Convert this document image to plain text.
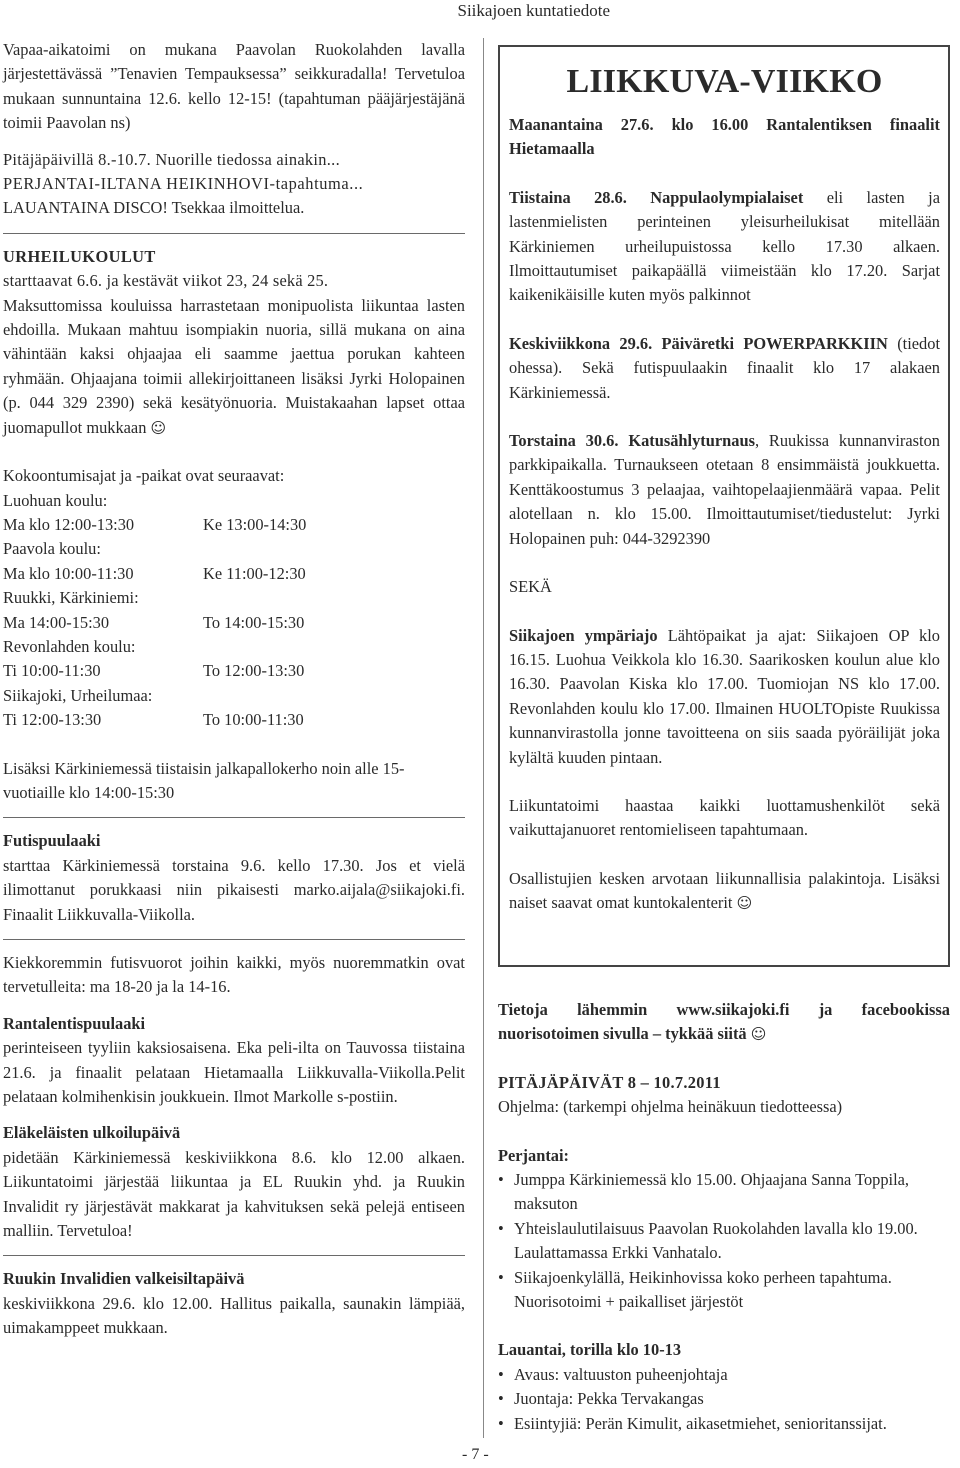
Siikajoen kuntatiedote

Vapaa-aikatoimi on mukana Paavolan Ruokolahden lavalla järjestettävässä ”Tenavien Tempauksessa” seikkuradalla! Tervetuloa mukaan sunnuntaina 12.6. kello 12-15! (tapahtuman pääjärjestäjänä toimii Paavolan ns)

Pitäjäpäivillä 8.-10.7. Nuorille tiedossa ainakin...

PERJANTAI-ILTANA HEIKINHOVI-tapahtuma...

LAUANTAINA DISCO! Tsekkaa ilmoittelua.

URHEILUKOULUT

starttaavat 6.6. ja kestävät viikot 23, 24 sekä 25.

Maksuttomissa kouluissa harrastetaan monipuolista liikuntaa lasten ehdoilla. Mukaan mahtuu isompiakin nuoria, sillä mukana on aina vähintään kaksi ohjaajaa eli saamme jaettua porukan kahteen ryhmään. Ohjaajana toimii allekirjoittaneen lisäksi Jyrki Holopainen (p. 044 329 2390) sekä kesätyönuoria. Muistakaahan lapset ottaa juomapullot mukkaan ☺

Kokoontumisajat ja -paikat ovat seuraavat:

Luohuan koulu:

Ma klo 12:00-13:30	Ke 13:00-14:30

Paavola koulu:

Ma klo 10:00-11:30	Ke 11:00-12:30

Ruukki, Kärkiniemi:

Ma 14:00-15:30	To 14:00-15:30

Revonlahden koulu:

Ti 10:00-11:30	To 12:00-13:30

Siikajoki, Urheilumaa:

Ti 12:00-13:30	To 10:00-11:30

Lisäksi Kärkiniemessä tiistaisin jalkapallokerho noin alle 15-vuotiaille klo 14:00-15:30

Futispuulaaki

starttaa Kärkiniemessä torstaina 9.6. kello 17.30. Jos et vielä ilimottanut porukkaasi niin pikaisesti marko.aijala@siikajoki.fi. Finaalit Liikkuvalla-Viikolla.

Kiekkoremmin futisvuorot joihin kaikki, myös nuoremmatkin ovat tervetulleita: ma 18-20 ja la 14-16.

Rantalentispuulaaki

perinteiseen tyyliin kaksiosaisena. Eka peli-ilta on Tauvossa tiistaina 21.6. ja finaalit pelataan Hietamaalla Liikkuvalla-Viikolla.Pelit pelataan kolmihenkisin joukkuein. Ilmot Markolle s-postiin.

Eläkeläisten ulkoilupäivä

pidetään Kärkiniemessä keskiviikkona 8.6. klo 12.00 alkaen. Liikuntatoimi järjestää liikuntaa ja EL Ruukin yhd. ja Ruukin Invalidit ry järjestävät makkarat ja kahvituksen sekä pelejä entiseen malliin. Tervetuloa!

Ruukin Invalidien valkeisiltapäivä

keskiviikkona 29.6. klo 12.00. Hallitus paikalla, saunakin lämpiää, uimakamppeet mukkaan.

LIIKKUVA-VIIKKO

Maanantaina 27.6. klo 16.00 Rantalentiksen finaalit Hietamaalla

Tiistaina 28.6. Nappulaolympialaiset eli lasten ja lastenmielisten perinteinen yleisurheilukisat mitellään Kärkiniemen urheilupuistossa kello 17.30 alkaen. Ilmoittautumiset paikapäällä viimeistään klo 17.20. Sarjat kaikenikäisille kuten myös palkinnot

Keskiviikkona 29.6. Päiväretki POWERPARKKIIN (tiedot ohessa). Sekä futispuulaakin finaalit klo 17 alakaen Kärkiniemessä.

Torstaina 30.6. Katusählyturnaus, Ruukissa kunnanviraston parkkipaikalla. Turnaukseen otetaan 8 ensimmäistä joukkuetta. Kenttäkoostumus 3 pelaajaa, vaihtopelaajienmäärä vapaa. Pelit alotellaan n. klo 15.00. Ilmoittautumiset/tiedustelut: Jyrki Holopainen puh: 044-3292390

SEKÄ

Siikajoen ympäriajo Lähtöpaikat ja ajat: Siikajoen OP klo 16.15. Luohua Veikkola klo 16.30. Saarikosken koulun alue klo 16.30. Paavolan Kiska klo 17.00. Tuomiojan NS klo 17.00. Revonlahden koulu klo 17.00. Ilmainen HUOLTOpiste Ruukissa kunnanvirastolla jonne tavoitteena on siis saada pyöräilijät joka kylältä kuuden pintaan.

Liikuntatoimi haastaa kaikki luottamushenkilöt sekä vaikuttajanuoret rentomieliseen tapahtumaan.

Osallistujien kesken arvotaan liikunnallisia palakintoja. Lisäksi naiset saavat omat kuntokalenterit ☺

Tietoja lähemmin www.siikajoki.fi ja facebookissa nuorisotoimen sivulla – tykkää siitä ☺

PITÄJÄPÄIVÄT 8 – 10.7.2011

Ohjelma: (tarkempi ohjelma heinäkuun tiedotteessa)

Perjantai:

• Jumppa Kärkiniemessä klo 15.00. Ohjaajana Sanna Toppila, maksuton
• Yhteislaulutilaisuus Paavolan Ruokolahden lavalla klo 19.00. Laulattamassa Erkki Vanhatalo.
• Siikajoenkylällä, Heikinhovissa koko perheen tapahtuma. Nuorisotoimi + paikalliset järjestöt

Lauantai, torilla klo 10-13

• Avaus: valtuuston puheenjohtaja
• Juontaja: Pekka Tervakangas
• Esiintyjiä: Perän Kimulit, aikasetmiehet, senioritanssijat.
- 7 -
